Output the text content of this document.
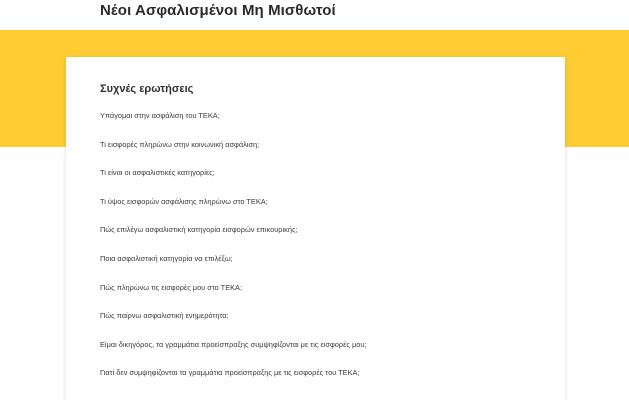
Νέοι Ασφαλισμένοι Μη Μισθωτοί
Συχνές ερωτήσεις
Υπάγομαι στην ασφάλιση του ΤΕΚΑ;
Τι εισφορές πληρώνω στην κοινωνική ασφάλιση;
Τι είναι οι ασφαλιστικές κατηγορίες;
Τι ύψος εισφορών ασφάλισης πληρώνω στο ΤΕΚΑ;
Πώς επιλέγω ασφαλιστική κατηγορία εισφορών επικουρικής;
Ποια ασφαλιστική κατηγορία να επιλέξω;
Πώς πληρώνω τις εισφορές μου στο ΤΕΚΑ;
Πώς παίρνω ασφαλιστική ενημερότητα;
Είμαι δικηγόρος, τα γραμμάτια προείσπραξης συμψηφίζονται με τις εισφορές μου;
Γιατί δεν συμψηφίζονται τα γραμμάτια προείσπραξης με τις εισφορές του ΤΕΚΑ;
